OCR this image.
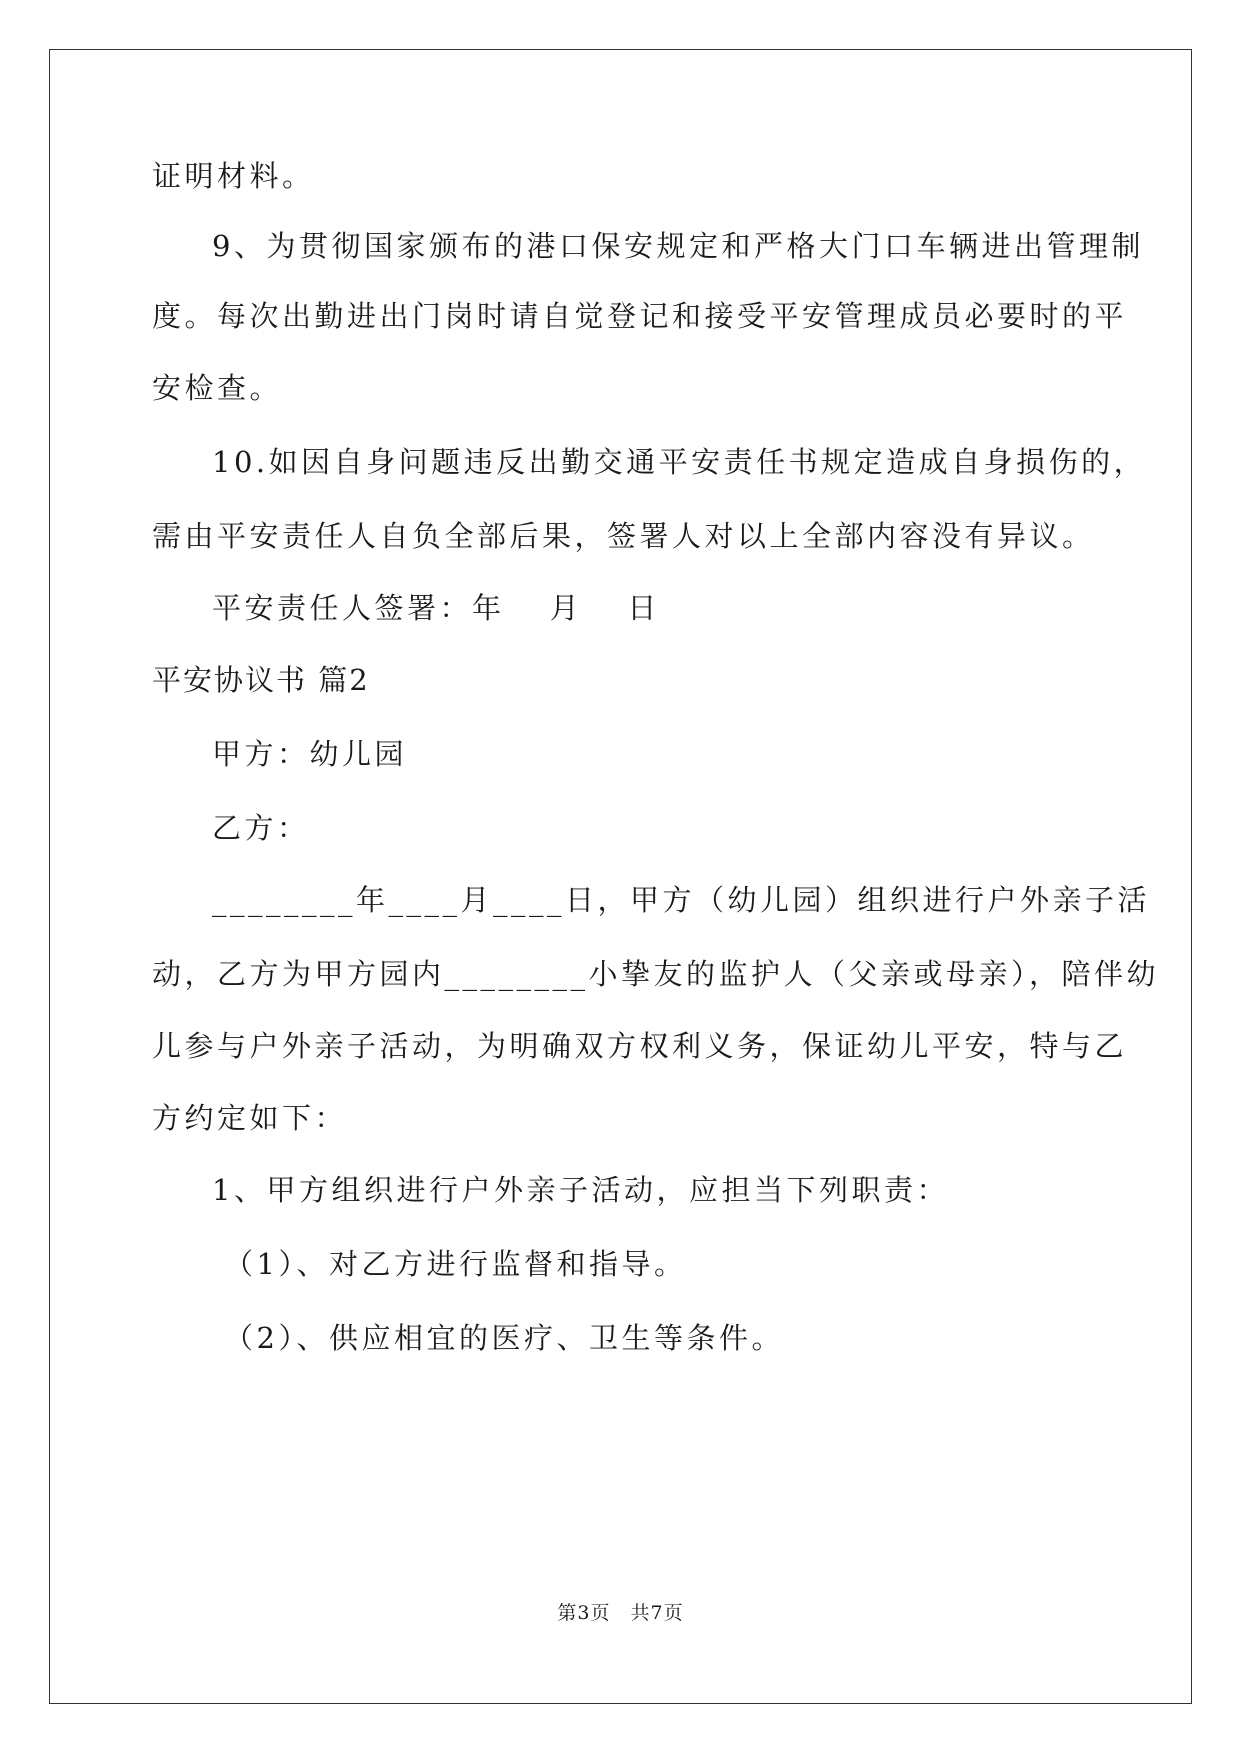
证明材料。
9、为贯彻国家颁布的港口保安规定和严格大门口车辆进出管理制
度。每次出勤进出门岗时请自觉登记和接受平安管理成员必要时的平
安检查。
10.如因自身问题违反出勤交通平安责任书规定造成自身损伤的，
需由平安责任人自负全部后果，签署人对以上全部内容没有异议。
平安责任人签署：年　 月　 日
平安协议书 篇2
甲方：幼儿园
乙方：
________年____月____日，甲方（幼儿园）组织进行户外亲子活
动，乙方为甲方园内________小挚友的监护人（父亲或母亲），陪伴幼
儿参与户外亲子活动，为明确双方权利义务，保证幼儿平安，特与乙
方约定如下：
1、甲方组织进行户外亲子活动，应担当下列职责：
（1）、对乙方进行监督和指导。
（2）、供应相宜的医疗、卫生等条件。
第3页　共7页
